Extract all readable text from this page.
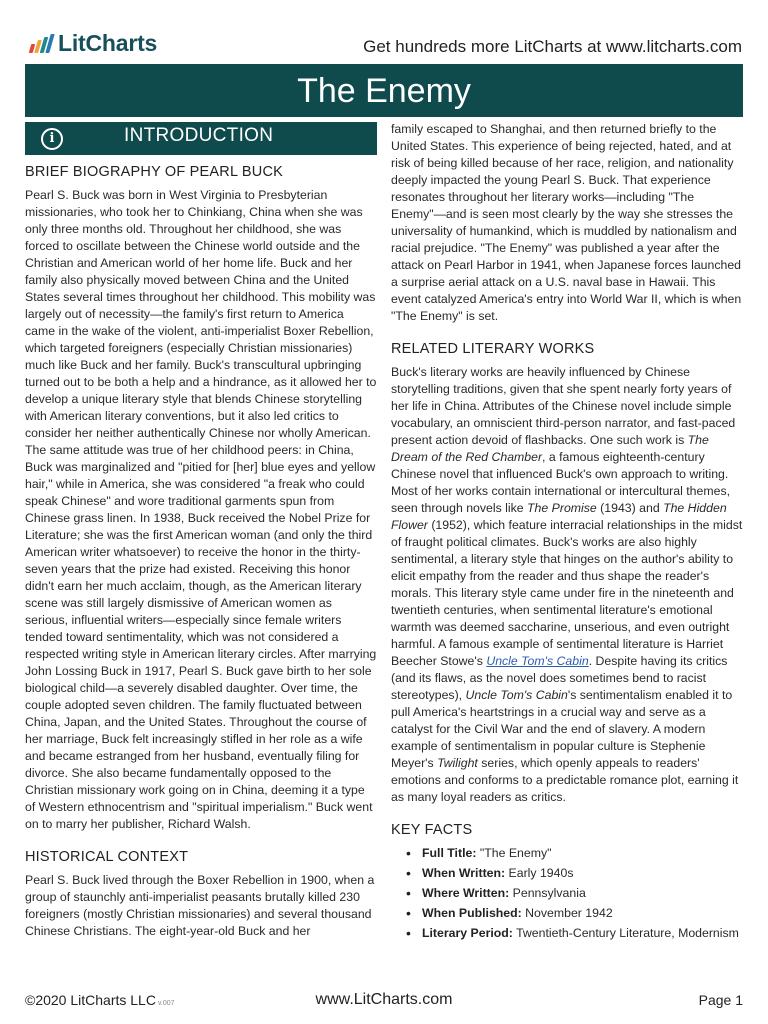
LitCharts	Get hundreds more LitCharts at www.litcharts.com
The Enemy
i	INTRODUCTION
BRIEF BIOGRAPHY OF PEARL BUCK

Pearl S. Buck was born in West Virginia to Presbyterian missionaries, who took her to Chinkiang, China when she was only three months old. Throughout her childhood, she was forced to oscillate between the Chinese world outside and the Christian and American world of her home life. Buck and her family also physically moved between China and the United States several times throughout her childhood. This mobility was largely out of necessity—the family's first return to America came in the wake of the violent, anti-imperialist Boxer Rebellion, which targeted foreigners (especially Christian missionaries) much like Buck and her family. Buck's transcultural upbringing turned out to be both a help and a hindrance, as it allowed her to develop a unique literary style that blends Chinese storytelling with American literary conventions, but it also led critics to consider her neither authentically Chinese nor wholly American. The same attitude was true of her childhood peers: in China, Buck was marginalized and "pitied for [her] blue eyes and yellow hair," while in America, she was considered "a freak who could speak Chinese" and wore traditional garments spun from Chinese grass linen. In 1938, Buck received the Nobel Prize for Literature; she was the first American woman (and only the third American writer whatsoever) to receive the honor in the thirty-seven years that the prize had existed. Receiving this honor didn't earn her much acclaim, though, as the American literary scene was still largely dismissive of American women as serious, influential writers—especially since female writers tended toward sentimentality, which was not considered a respected writing style in American literary circles. After marrying John Lossing Buck in 1917, Pearl S. Buck gave birth to her sole biological child—a severely disabled daughter. Over time, the couple adopted seven children. The family fluctuated between China, Japan, and the United States. Throughout the course of her marriage, Buck felt increasingly stifled in her role as a wife and became estranged from her husband, eventually filing for divorce. She also became fundamentally opposed to the Christian missionary work going on in China, deeming it a type of Western ethnocentrism and "spiritual imperialism." Buck went on to marry her publisher, Richard Walsh.

HISTORICAL CONTEXT

Pearl S. Buck lived through the Boxer Rebellion in 1900, when a group of staunchly anti-imperialist peasants brutally killed 230 foreigners (mostly Christian missionaries) and several thousand Chinese Christians. The eight-year-old Buck and her

family escaped to Shanghai, and then returned briefly to the United States. This experience of being rejected, hated, and at risk of being killed because of her race, religion, and nationality deeply impacted the young Pearl S. Buck. That experience resonates throughout her literary works—including "The Enemy"—and is seen most clearly by the way she stresses the universality of humankind, which is muddled by nationalism and racial prejudice. "The Enemy" was published a year after the attack on Pearl Harbor in 1941, when Japanese forces launched a surprise aerial attack on a U.S. naval base in Hawaii. This event catalyzed America's entry into World War II, which is when "The Enemy" is set.

RELATED LITERARY WORKS

Buck's literary works are heavily influenced by Chinese storytelling traditions, given that she spent nearly forty years of her life in China. Attributes of the Chinese novel include simple vocabulary, an omniscient third-person narrator, and fast-paced present action devoid of flashbacks. One such work is The Dream of the Red Chamber, a famous eighteenth-century Chinese novel that influenced Buck's own approach to writing. Most of her works contain international or intercultural themes, seen through novels like The Promise (1943) and The Hidden Flower (1952), which feature interracial relationships in the midst of fraught political climates. Buck's works are also highly sentimental, a literary style that hinges on the author's ability to elicit empathy from the reader and thus shape the reader's morals. This literary style came under fire in the nineteenth and twentieth centuries, when sentimental literature's emotional warmth was deemed saccharine, unserious, and even outright harmful. A famous example of sentimental literature is Harriet Beecher Stowe's Uncle Tom's Cabin. Despite having its critics (and its flaws, as the novel does sometimes bend to racist stereotypes), Uncle Tom's Cabin's sentimentalism enabled it to pull America's heartstrings in a crucial way and serve as a catalyst for the Civil War and the end of slavery. A modern example of sentimentalism in popular culture is Stephenie Meyer's Twilight series, which openly appeals to readers' emotions and conforms to a predictable romance plot, earning it as many loyal readers as critics.

KEY FACTS
• Full Title: "The Enemy"
• When Written: Early 1940s
• Where Written: Pennsylvania
• When Published: November 1942
• Literary Period: Twentieth-Century Literature, Modernism
©2020 LitCharts LLC v.007	www.LitCharts.com	Page 1
